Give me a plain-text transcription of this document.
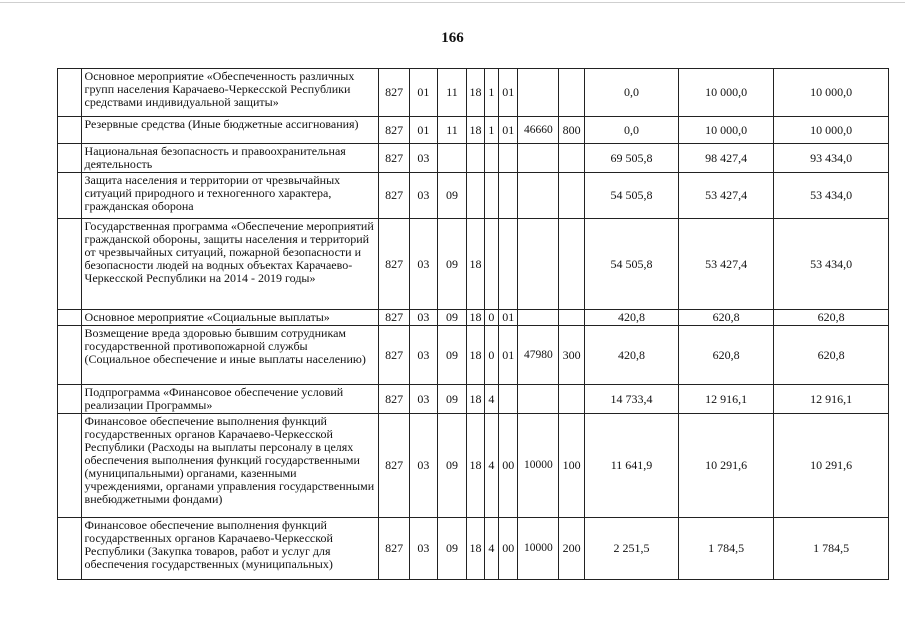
166
	Основное мероприятие «Обеспеченность различных групп населения Карачаево-Черкесской Республики средствами индивидуальной защиты»	827	01	11	18	1	01			0,0	10 000,0	10 000,0
	Резервные средства (Иные бюджетные ассигнования)	827	01	11	18	1	01	46660	800	0,0	10 000,0	10 000,0
	Национальная безопасность и правоохранительная деятельность	827	03							69 505,8	98 427,4	93 434,0
	Защита населения и территории от чрезвычайных ситуаций природного и техногенного характера, гражданская оборона	827	03	09						54 505,8	53 427,4	53 434,0
	Государственная программа «Обеспечение мероприятий гражданской обороны, защиты населения и территорий от чрезвычайных ситуаций, пожарной безопасности и безопасности людей на водных объектах Карачаево-Черкесской Республики на 2014 - 2019 годы»	827	03	09	18					54 505,8	53 427,4	53 434,0
	Основное мероприятие «Социальные выплаты»	827	03	09	18	0	01			420,8	620,8	620,8
	Возмещение вреда здоровью бывшим сотрудникам государственной противопожарной службы (Социальное обеспечение и иные выплаты населению)	827	03	09	18	0	01	47980	300	420,8	620,8	620,8
	Подпрограмма «Финансовое обеспечение условий реализации Программы»	827	03	09	18	4				14 733,4	12 916,1	12 916,1
	Финансовое обеспечение выполнения функций государственных органов Карачаево-Черкесской Республики (Расходы на выплаты персоналу в целях обеспечения выполнения функций государственными (муниципальными) органами, казенными учреждениями, органами управления государственными внебюджетными фондами)	827	03	09	18	4	00	10000	100	11 641,9	10 291,6	10 291,6
	Финансовое обеспечение выполнения функций государственных органов Карачаево-Черкесской Республики (Закупка товаров, работ и услуг для обеспечения государственных (муниципальных)	827	03	09	18	4	00	10000	200	2 251,5	1 784,5	1 784,5
